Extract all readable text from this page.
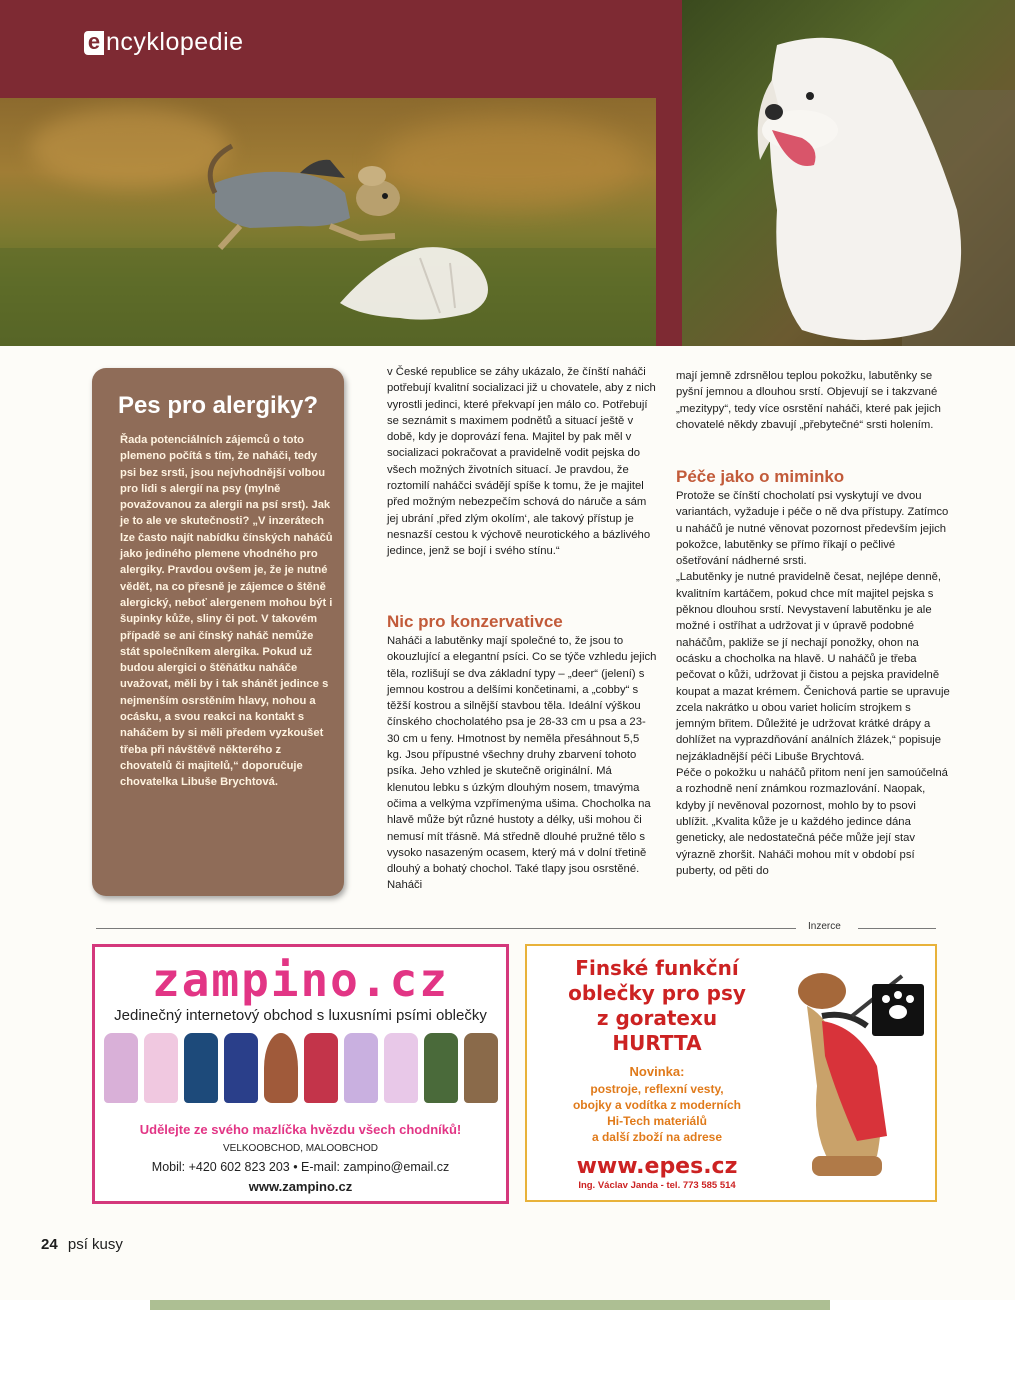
e ncyklopedie
Pes pro alergiky?
Řada potenciálních zájemců o toto plemeno počítá s tím, že naháči, tedy psi bez srsti, jsou nejvhodnější volbou pro lidi s alergií na psy (mylně považovanou za alergii na psí srst). Jak je to ale ve skutečnosti? „V inzerátech lze často najít nabídku čínských naháčů jako jediného plemene vhodného pro alergiky. Pravdou ovšem je, že je nutné vědět, na co přesně je zájemce o štěně alergický, neboť alergenem mohou být i šupinky kůže, sliny či pot. V takovém případě se ani čínský naháč nemůže stát společníkem alergika. Pokud už budou alergici o štěňátku naháče uvažovat, měli by i tak shánět jedince s nejmenším osrstěním hlavy, nohou a ocásku, a svou reakci na kontakt s naháčem by si měli předem vyzkoušet třeba při návštěvě některého z chovatelů či majitelů,“ doporučuje chovatelka Libuše Brychtová.

v České republice se záhy ukázalo, že čínští naháči potřebují kvalitní socializaci již u chovatele, aby z nich vyrostli jedinci, které překvapí jen málo co. Potřebují se seznámit s maximem podnětů a situací ještě v době, kdy je doprovází fena. Majitel by pak měl v socializaci pokračovat a pravidelně vodit pejska do všech možných životních situací. Je pravdou, že roztomilí naháčci svádějí spíše k tomu, že je majitel před možným nebezpečím schová do náruče a sám jej ubrání ‚před zlým okolím‘, ale takový přístup je nesnazší cestou k výchově neurotického a bázlivého jedince, jenž se bojí i svého stínu.“

Nic pro konzervativce

Naháči a labutěnky mají společné to, že jsou to okouzlující a elegantní psíci. Co se týče vzhledu jejich těla, rozlišují se dva základní typy – „deer“ (jelení) s jemnou kostrou a delšími končetinami, a „cobby“ s těžší kostrou a silnější stavbou těla. Ideální výškou čínského chocholatého psa je 28-33 cm u psa a 23-30 cm u feny. Hmotnost by neměla přesáhnout 5,5 kg. Jsou přípustné všechny druhy zbarvení tohoto psíka. Jeho vzhled je skutečně originální. Má klenutou lebku s úzkým dlouhým nosem, tmavýma očima a velkýma vzpřímenýma ušima. Chocholka na hlavě může být různé hustoty a délky, uši mohou či nemusí mít třásně. Má středně dlouhé pružné tělo s vysoko nasazeným ocasem, který má v dolní třetině dlouhý a bohatý chochol. Také tlapy jsou osrstěné. Naháči

mají jemně zdrsnělou teplou pokožku, labutěnky se pyšní jemnou a dlouhou srstí. Objevují se i takzvané „mezitypy“, tedy více osrstění naháči, které pak jejich chovatelé někdy zbavují „přebytečné“ srsti holením.

Péče jako o miminko

Protože se čínští chocholatí psi vyskytují ve dvou variantách, vyžaduje i péče o ně dva přístupy. Zatímco u naháčů je nutné věnovat pozornost především jejich pokožce, labutěnky se přímo říkají o pečlivé ošetřování nádherné srsti.

„Labutěnky je nutné pravidelně česat, nejlépe denně, kvalitním kartáčem, pokud chce mít majitel pejska s pěknou dlouhou srstí. Nevystavení labutěnku je ale možné i ostříhat a udržovat ji v úpravě podobné naháčům, pakliže se jí nechají ponožky, ohon na ocásku a chocholka na hlavě. U naháčů je třeba pečovat o kůži, udržovat ji čistou a pejska pravidelně koupat a mazat krémem. Čenichová partie se upravuje zcela nakrátko u obou variet holicím strojkem s jemným břitem. Důležité je udržovat krátké drápy a dohlížet na vyprazdňování análních žlázek,“ popisuje nejzákladnější péči Libuše Brychtová.

Péče o pokožku u naháčů přitom není jen samoúčelná a rozhodně není známkou rozmazlování. Naopak, kdyby jí nevěnoval pozornost, mohlo by to psovi ublížit. „Kvalita kůže je u každého jedince dána geneticky, ale nedostatečná péče může její stav výrazně zhoršit. Naháči mohou mít v období psí puberty, od pěti do

Inzerce
zampino.cz
Jedinečný internetový obchod s luxusními psími oblečky
Udělejte ze svého mazlíčka hvězdu všech chodníků!
VELKOOBCHOD, MALOOBCHOD
Mobil: +420 602 823 203 • E-mail: zampino@email.cz
www.zampino.cz
Finské funkční
oblečky pro psy
z goratexu
HURTTA
Novinka:
postroje, reflexní vesty,
obojky a vodítka z moderních
Hi-Tech materiálů
a další zboží na adrese
www.epes.cz
Ing. Václav Janda - tel. 773 585 514
24 psí kusy
